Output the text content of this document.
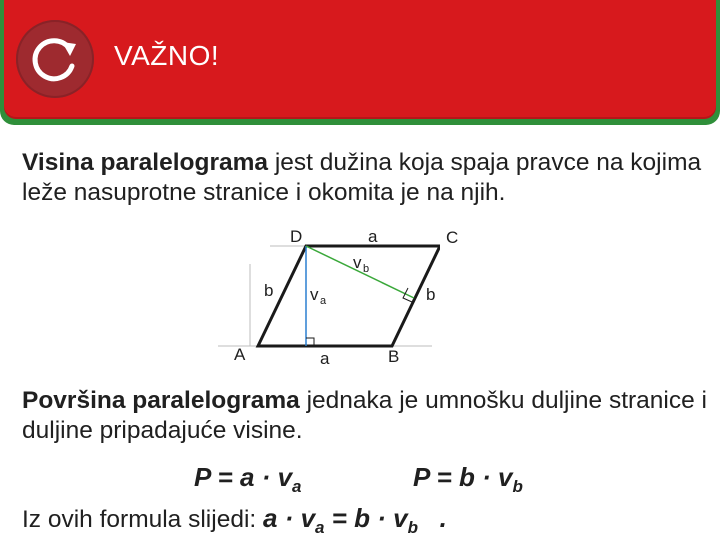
VAŽNO!
Visina paralelograma jest dužina koja spaja pravce na kojima leže nasuprotne stranice i okomita je na njih.
D	a
A	a	B
b	b
v b
v a
C
Površina paralelograma jednaka je umnošku duljine stranice i duljine pripadajuće visine.
$P = a \cdot v_a$	$P = b \cdot v_b$
Iz ovih formula slijedi: $a \cdot v_a = b \cdot v_b$   .
